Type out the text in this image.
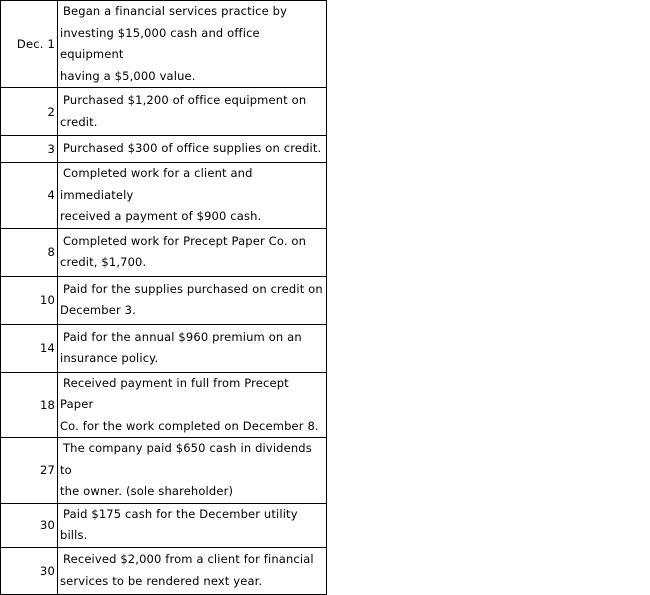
Dec. 1	Began a financial services practice by
investing $15,000 cash and office equipment
having a $5,000 value.

2	Purchased $1,200 of office equipment on
credit.

3	Purchased $300 of office supplies on credit.

4	Completed work for a client and immediately
received a payment of $900 cash.

8	Completed work for Precept Paper Co. on
credit, $1,700.

10	Paid for the supplies purchased on credit on
December 3.

14	Paid for the annual $960 premium on an
insurance policy.

18	Received payment in full from Precept Paper
Co. for the work completed on December 8.

27	The company paid $650 cash in dividends to
the owner. (sole shareholder)

30	Paid $175 cash for the December utility bills.

30	Received $2,000 from a client for financial
services to be rendered next year.
